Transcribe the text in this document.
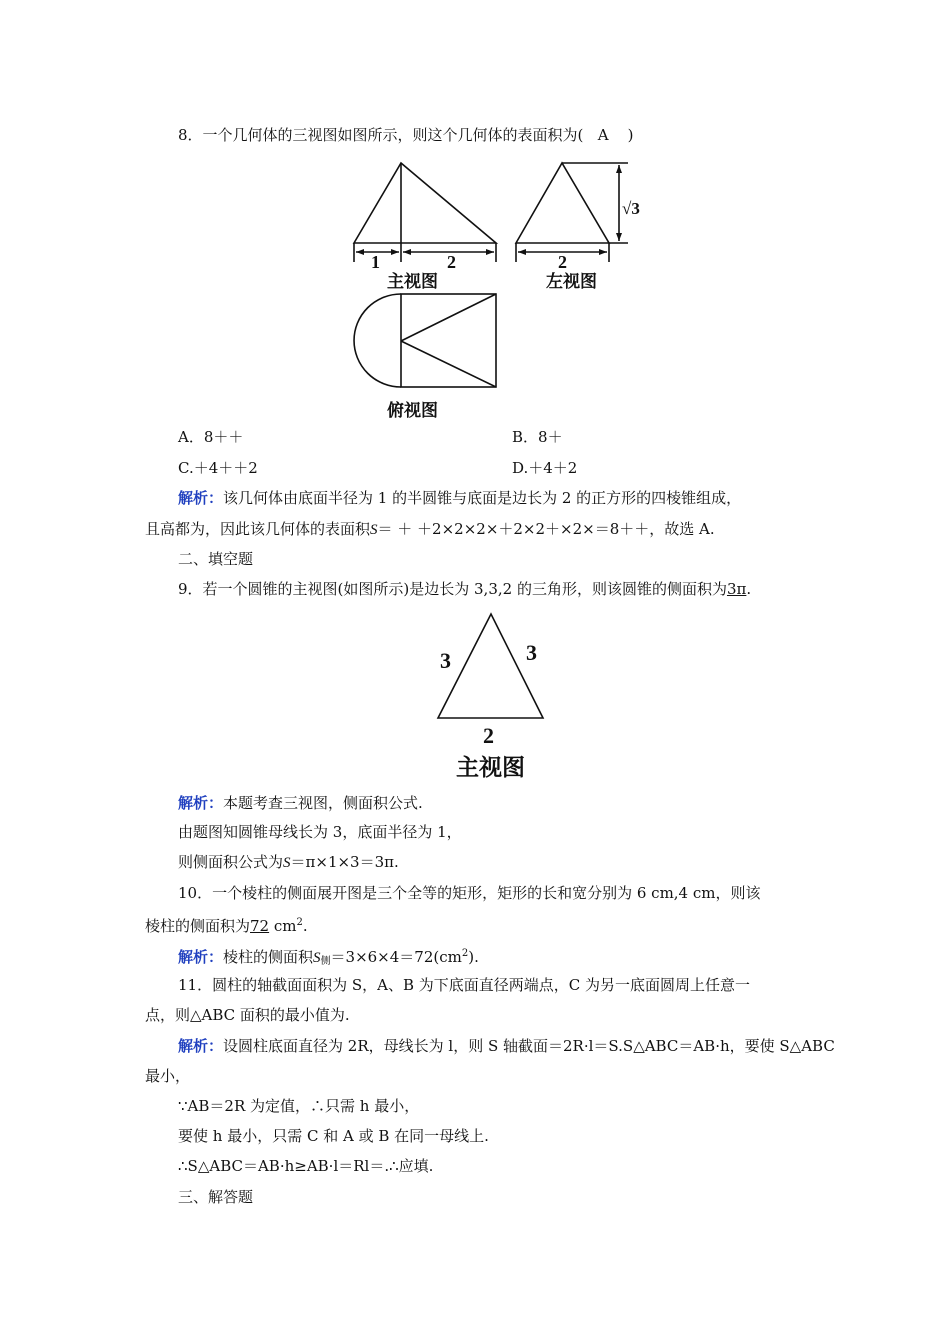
8．一个几何体的三视图如图所示，则这个几何体的表面积为( A )
1	2
主视图
2
√3
左视图
俯视图
A．8＋＋	B．8＋
C.＋4＋＋2	D.＋4＋2
解析：该几何体由底面半径为 1 的半圆锥与底面是边长为 2 的正方形的四棱锥组成，
且高都为，因此该几何体的表面积S＝ ＋ ＋2×2×2×＋2×2＋×2×＝8＋＋，故选 A.
二、填空题
9．若一个圆锥的主视图(如图所示)是边长为 3,3,2 的三角形，则该圆锥的侧面积为3π.
3	3
2
主视图
解析：本题考查三视图，侧面积公式.
由题图知圆锥母线长为 3，底面半径为 1，
则侧面积公式为S＝π×1×3＝3π.
10．一个棱柱的侧面展开图是三个全等的矩形，矩形的长和宽分别为 6 cm,4 cm，则该
棱柱的侧面积为72 $cm^2$.
解析：棱柱的侧面积$S_侧=3\times 6\times 4=72(cm^2)$.
11．圆柱的轴截面面积为 S，A、B 为下底面直径两端点，C 为另一底面圆周上任意一
点，则△ABC 面积的最小值为.
解析：设圆柱底面直径为 2R，母线长为 l，则 S 轴截面＝2R·l＝S.S△ABC＝AB·h，要使 S△ABC
最小，
∵AB＝2R 为定值，∴只需 h 最小，
要使 h 最小，只需 C 和 A 或 B 在同一母线上.
∴S△ABC＝AB·h≥AB·l＝Rl＝.∴应填.
三、解答题
